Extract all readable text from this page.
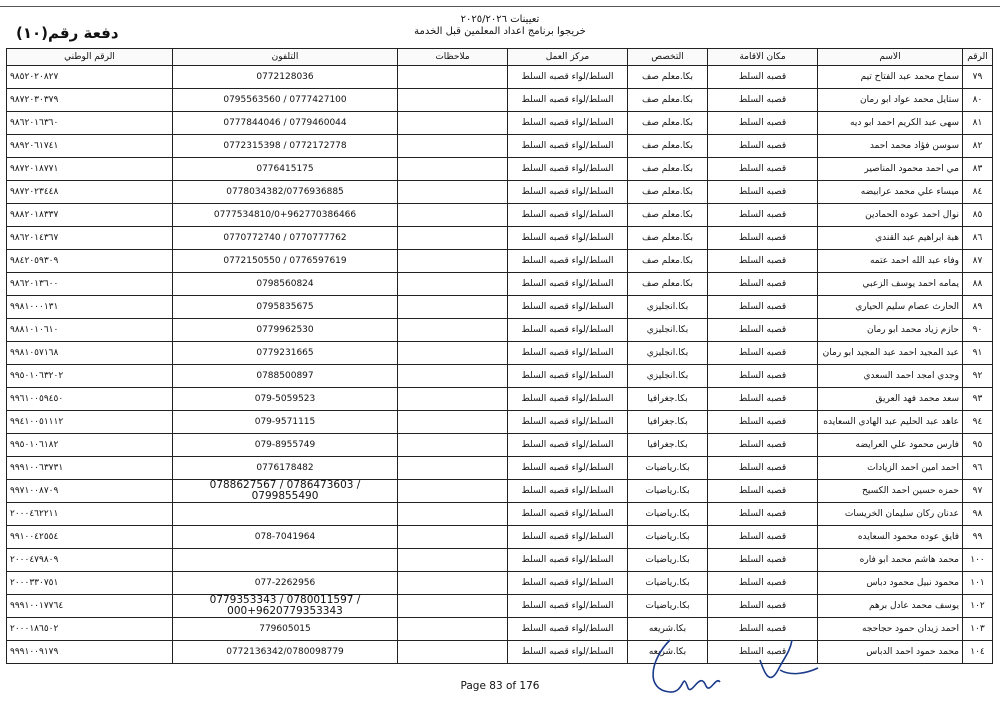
تعيينات ٢٠٢٥/٢٠٢٦
خريجوا برنامج اعداد المعلمين قبل الخدمة
دفعة رقم(١٠)
الرقم	الاسم	مكان الاقامة	التخصص	مركز العمل	ملاحظات	التلفون	الرقم الوطني
٧٩	سماح محمد عبد الفتاح تيم	قصبه السلط	بكا.معلم صف	السلط/لواء قصبه السلط		0772128036	٩٨٥٢٠٢٠٨٢٧
٨٠	ستايل محمد عواد ابو رمان	قصبه السلط	بكا.معلم صف	السلط/لواء قصبه السلط		0795563560 / 0777427100	٩٨٧٢٠٣٠٣٧٩
٨١	سهى عبد الكريم احمد ابو ديه	قصبه السلط	بكا.معلم صف	السلط/لواء قصبه السلط		0777844046 / 0779460044	٩٨٦٢٠١٦٣٦٠
٨٢	سوسن فؤاد محمد احمد	قصبه السلط	بكا.معلم صف	السلط/لواء قصبه السلط		0772315398 / 0772172778	٩٨٩٢٠٦١٧٤١
٨٣	مي احمد محمود المناصير	قصبه السلط	بكا.معلم صف	السلط/لواء قصبه السلط		0776415175	٩٨٧٢٠١٨٧٧١
٨٤	ميساء علي محمد عرابيضه	قصبه السلط	بكا.معلم صف	السلط/لواء قصبه السلط		0778034382/0776936885	٩٨٧٢٠٢٣٤٤٨
٨٥	نوال احمد عوده الحمادين	قصبه السلط	بكا.معلم صف	السلط/لواء قصبه السلط		0777534810/0+962770386466	٩٨٨٢٠١٨٣٣٧
٨٦	هبة ابراهيم عبد القندي	قصبه السلط	بكا.معلم صف	السلط/لواء قصبه السلط		0770772740 / 0770777762	٩٨٦٢٠١٤٣٦٧
٨٧	وفاء عبد الله احمد عتمه	قصبه السلط	بكا.معلم صف	السلط/لواء قصبه السلط		0772150550 / 0776597619	٩٨٤٢٠٥٩٣٠٩
٨٨	يمامه احمد يوسف الزعبي	قصبه السلط	بكا.معلم صف	السلط/لواء قصبه السلط		0798560824	٩٨٦٢٠١٣٦٠٠
٨٩	الحارث عصام سليم الحياري	قصبه السلط	بكا.انجليزي	السلط/لواء قصبه السلط		0795835675	٩٩٨١٠٠٠١٣١
٩٠	حازم زياد محمد ابو رمان	قصبه السلط	بكا.انجليزي	السلط/لواء قصبه السلط		0779962530	٩٨٨١٠١٠٦١٠
٩١	عبد المجيد احمد عبد المجيد ابو رمان	قصبه السلط	بكا.انجليزي	السلط/لواء قصبه السلط		0779231665	٩٩٨١٠٥٧١٦٨
٩٢	وجدي امجد احمد السعدي	قصبه السلط	بكا.انجليزي	السلط/لواء قصبه السلط		0788500897	٩٩٥٠١٠٦٣٢٠٢
٩٣	سعد محمد فهد العريق	قصبه السلط	بكا.جغرافيا	السلط/لواء قصبه السلط		079-5059523	٩٩٦١٠٠٥٩٤٥٠
٩٤	عاهد عبد الحليم عبد الهادي السعايده	قصبه السلط	بكا.جغرافيا	السلط/لواء قصبه السلط		079-9571115	٩٩٤١٠٠٥١١١٢
٩٥	فارس محمود علي العرايضه	قصبه السلط	بكا.جغرافيا	السلط/لواء قصبه السلط		079-8955749	٩٩٥٠١٠٦١٨٢
٩٦	احمد امين احمد الزيادات	قصبه السلط	بكا.رياضيات	السلط/لواء قصبه السلط		0776178482	٩٩٩١٠٠٦٣٧٣١
٩٧	حمزه حسين احمد الكسيح	قصبه السلط	بكا.رياضيات	السلط/لواء قصبه السلط		0788627567 / 0786473603 / 0799855490	٩٩٧١٠٠٨٧٠٩
٩٨	عدنان ركان سليمان الخريسات	قصبه السلط	بكا.رياضيات	السلط/لواء قصبه السلط			٢٠٠٠٤٦٢٢١١
٩٩	فايق عوده محمود السعايده	قصبه السلط	بكا.رياضيات	السلط/لواء قصبه السلط		078-7041964	٩٩١٠٠٤٢٥٥٤
١٠٠	محمد هاشم محمد ابو فاره	قصبه السلط	بكا.رياضيات	السلط/لواء قصبه السلط			٢٠٠٠٤٧٩٨٠٩
١٠١	محمود نبيل محمود دباس	قصبه السلط	بكا.رياضيات	السلط/لواء قصبه السلط		077-2262956	٢٠٠٠٣٣٠٧٥١
١٠٢	يوسف محمد عادل برهم	قصبه السلط	بكا.رياضيات	السلط/لواء قصبه السلط		0779353343 / 0780011597 / 000+9620779353343	٩٩٩١٠٠١٧٧٦٤
١٠٣	احمد زيدان حمود حجاحجه	قصبه السلط	بكا.شريعه	السلط/لواء قصبه السلط		779605015	٢٠٠٠١٨٦٥٠٢
١٠٤	محمد حمود احمد الدباس	قصبه السلط	بكا.شريعه	السلط/لواء قصبه السلط		0772136342/0780098779	٩٩٩١٠٠٩١٧٩
Page 83 of 176
